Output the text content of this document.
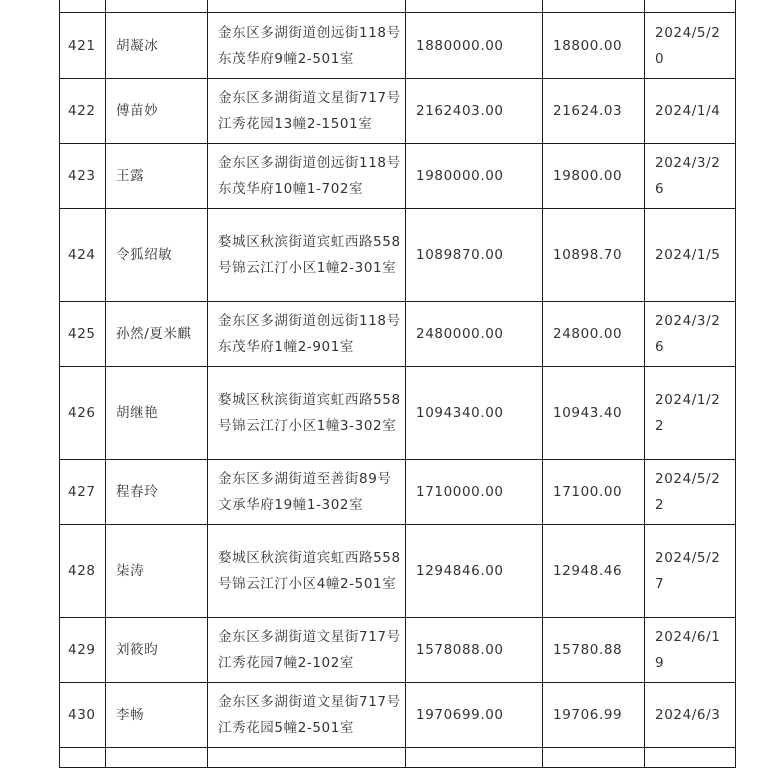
421	胡凝冰	金东区多湖街道创远街118号东茂华府9幢2-501室	1880000.00	18800.00	2024/5/20
422	傅苗妙	金东区多湖街道文星街717号江秀花园13幢2-1501室	2162403.00	21624.03	2024/1/4
423	王露	金东区多湖街道创远街118号东茂华府10幢1-702室	1980000.00	19800.00	2024/3/26
424	令狐绍敏	婺城区秋滨街道宾虹西路558号锦云江汀小区1幢2-301室	1089870.00	10898.70	2024/1/5
425	孙然/夏米麒	金东区多湖街道创远街118号东茂华府1幢2-901室	2480000.00	24800.00	2024/3/26
426	胡继艳	婺城区秋滨街道宾虹西路558号锦云江汀小区1幢3-302室	1094340.00	10943.40	2024/1/22
427	程春玲	金东区多湖街道至善街89号文承华府19幢1-302室	1710000.00	17100.00	2024/5/22
428	柒涛	婺城区秋滨街道宾虹西路558号锦云江汀小区4幢2-501室	1294846.00	12948.46	2024/5/27
429	刘筱昀	金东区多湖街道文星街717号江秀花园7幢2-102室	1578088.00	15780.88	2024/6/19
430	李畅	金东区多湖街道文星街717号江秀花园5幢2-501室	1970699.00	19706.99	2024/6/3
